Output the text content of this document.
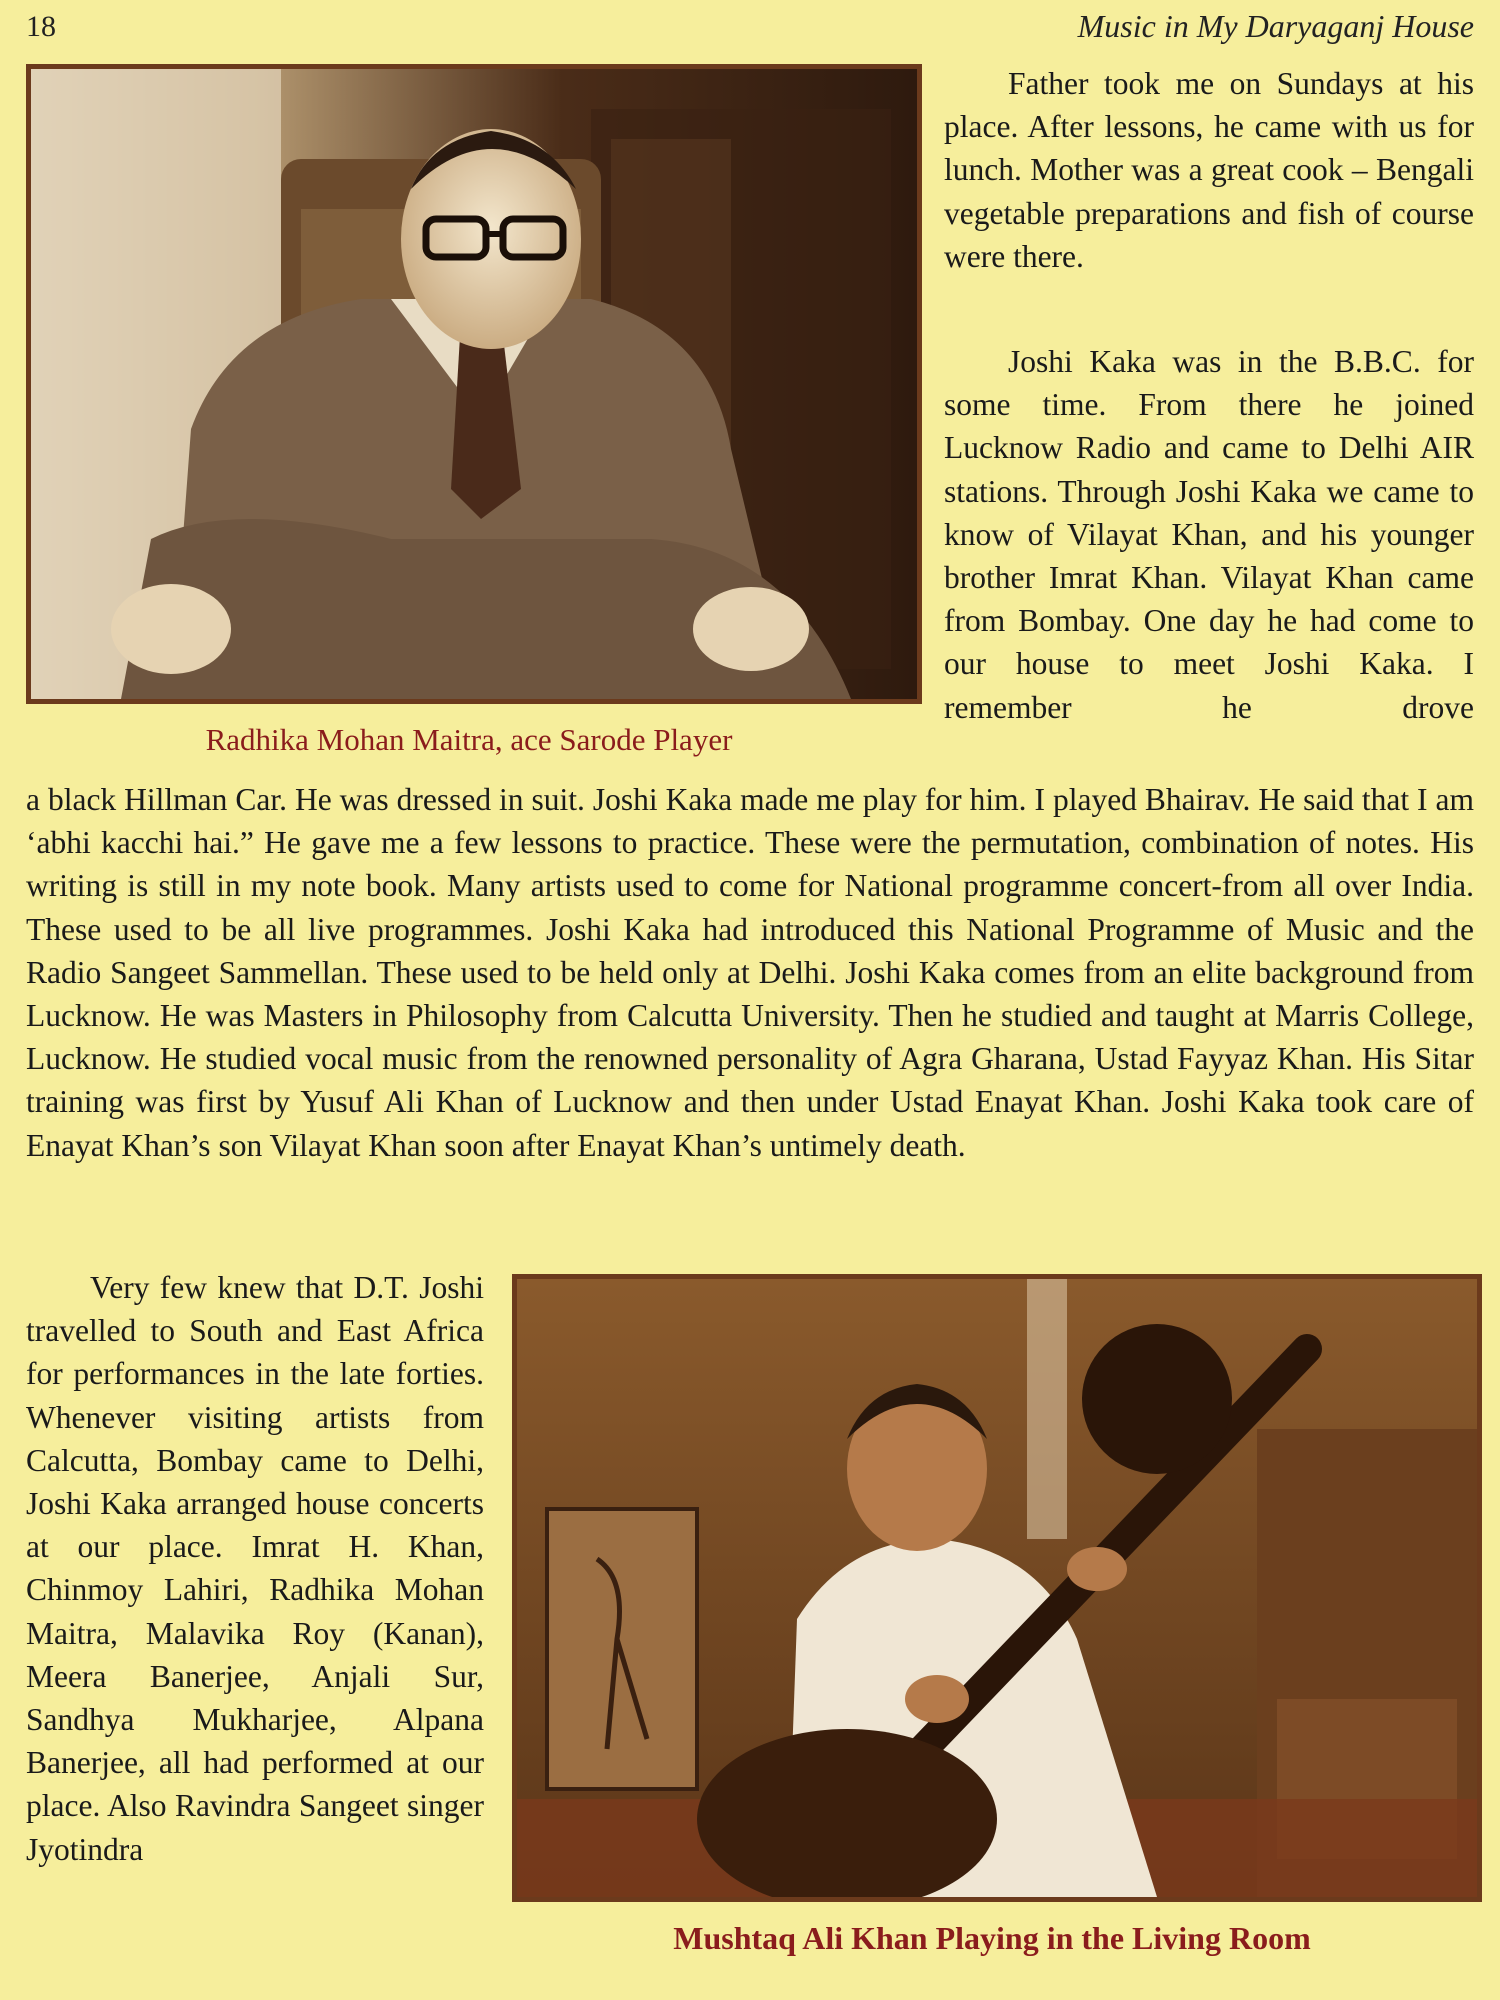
18	Music in My Daryaganj House
Radhika Mohan Maitra, ace Sarode Player
Mushtaq Ali Khan Playing in the Living Room

Father took me on Sundays at his place. After lessons, he came with us for lunch. Mother was a great cook – Bengali vegetable preparations and fish of course were there.

Joshi Kaka was in the B.B.C. for some time. From there he joined Lucknow Radio and came to Delhi AIR stations. Through Joshi Kaka we came to know of Vilayat Khan, and his younger brother Imrat Khan. Vilayat Khan came from Bombay. One day he had come to our house to meet Joshi Kaka. I remember he drove

a black Hillman Car. He was dressed in suit. Joshi Kaka made me play for him. I played Bhairav. He said that I am ‘abhi kacchi hai.” He gave me a few lessons to practice. These were the permutation, combination of notes. His writing is still in my note book. Many artists used to come for National programme concert-from all over India. These used to be all live programmes. Joshi Kaka had introduced this National Programme of Music and the Radio Sangeet Sammellan. These used to be held only at Delhi. Joshi Kaka comes from an elite background from Lucknow. He was Masters in Philosophy from Calcutta University. Then he studied and taught at Marris College, Lucknow. He studied vocal music from the renowned personality of Agra Gharana, Ustad Fayyaz Khan. His Sitar training was first by Yusuf Ali Khan of Lucknow and then under Ustad Enayat Khan. Joshi Kaka took care of Enayat Khan’s son Vilayat Khan soon after Enayat Khan’s untimely death.

Very few knew that D.T. Joshi travelled to South and East Africa for performances in the late forties. Whenever visiting artists from Calcutta, Bombay came to Delhi, Joshi Kaka arranged house concerts at our place. Imrat H. Khan, Chinmoy Lahiri, Radhika Mohan Maitra, Malavika Roy (Kanan), Meera Banerjee, Anjali Sur, Sandhya Mukharjee, Alpana Banerjee, all had performed at our place. Also Ravindra Sangeet singer Jyotindra
